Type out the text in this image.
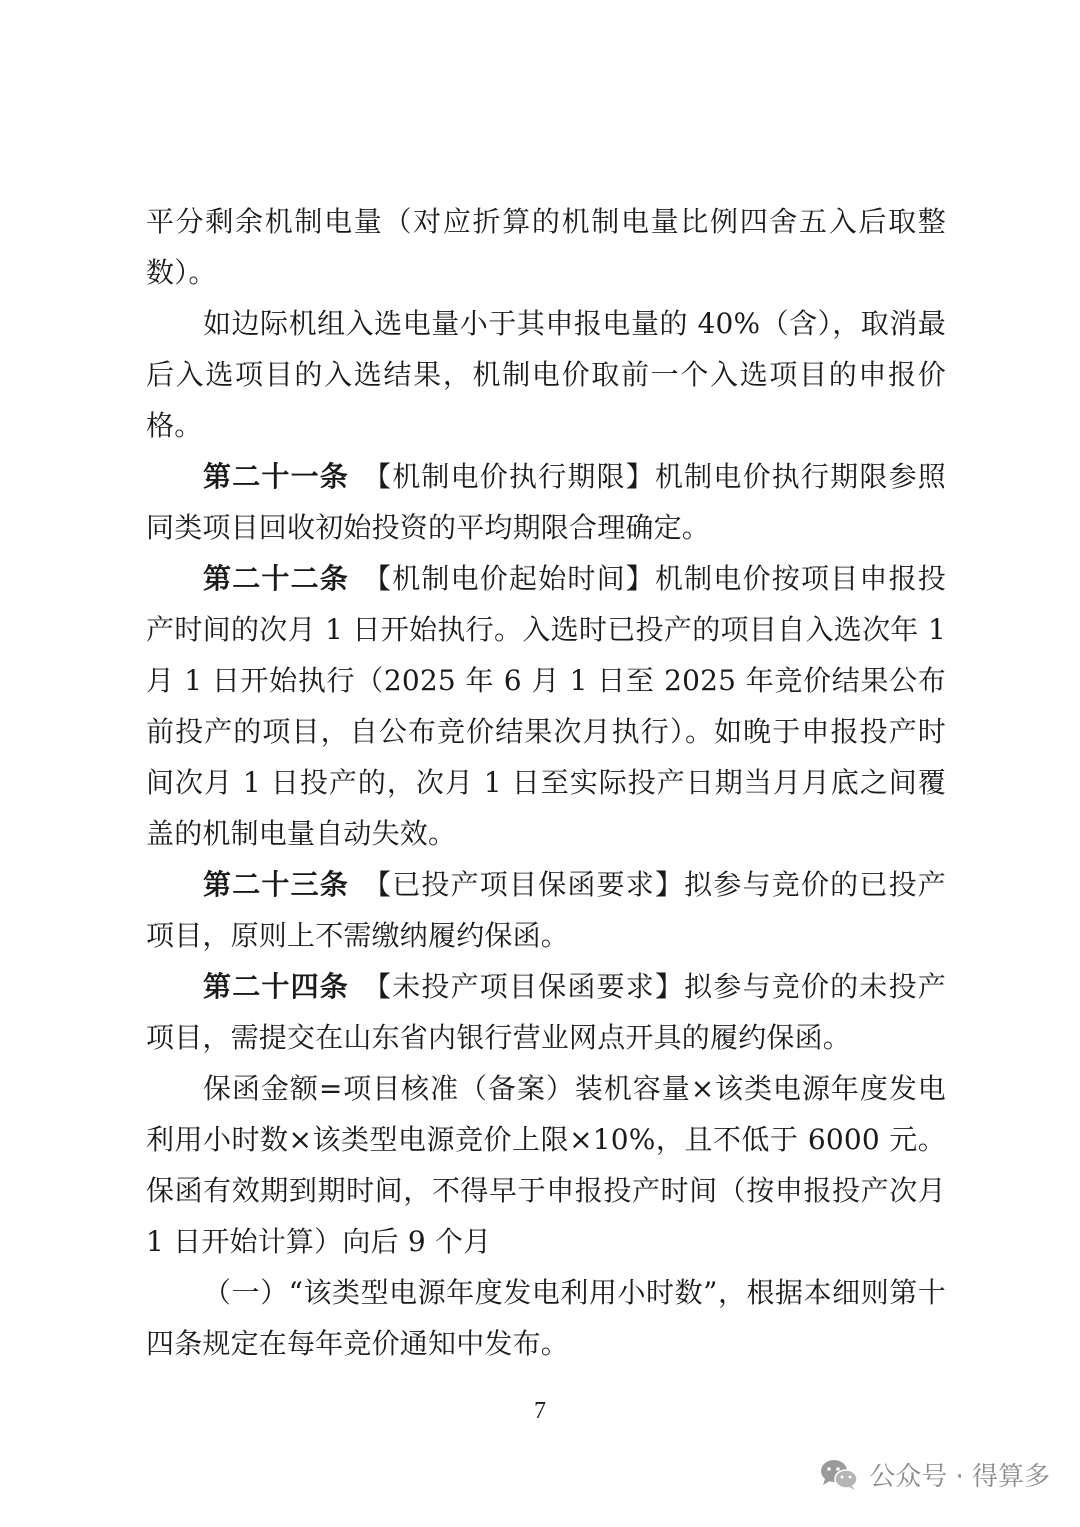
平分剩余机制电量（对应折算的机制电量比例四舍五入后取整数）。

如边际机组入选电量小于其申报电量的 40%（含），取消最后入选项目的入选结果，机制电价取前一个入选项目的申报价格。

第二十一条 【机制电价执行期限】机制电价执行期限参照同类项目回收初始投资的平均期限合理确定。

第二十二条 【机制电价起始时间】机制电价按项目申报投产时间的次月 1 日开始执行。入选时已投产的项目自入选次年 1 月 1 日开始执行（2025 年 6 月 1 日至 2025 年竞价结果公布前投产的项目，自公布竞价结果次月执行）。如晚于申报投产时间次月 1 日投产的，次月 1 日至实际投产日期当月月底之间覆盖的机制电量自动失效。

第二十三条 【已投产项目保函要求】拟参与竞价的已投产项目，原则上不需缴纳履约保函。

第二十四条 【未投产项目保函要求】拟参与竞价的未投产项目，需提交在山东省内银行营业网点开具的履约保函。

保函金额=项目核准（备案）装机容量×该类电源年度发电利用小时数×该类型电源竞价上限×10%，且不低于 6000 元。保函有效期到期时间，不得早于申报投产时间（按申报投产次月 1 日开始计算）向后 9 个月

（一）“该类型电源年度发电利用小时数”，根据本细则第十四条规定在每年竞价通知中发布。

7
公众号 · 得算多
